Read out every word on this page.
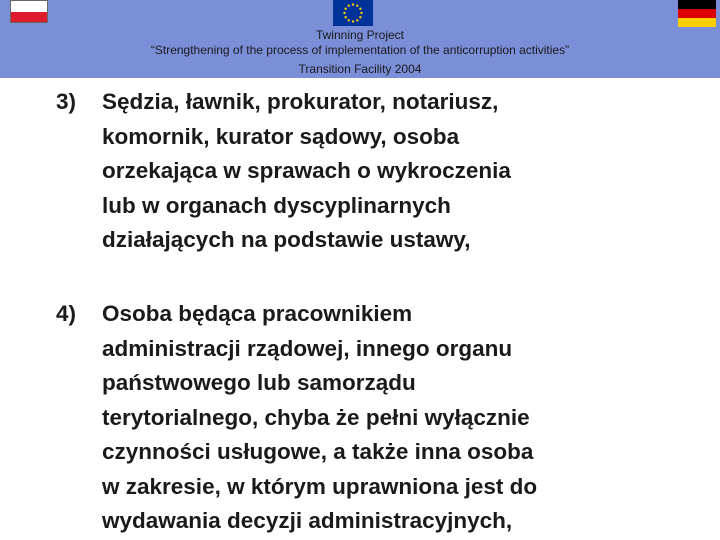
Twinning Project
“Strengthening of the process of implementation of the anticorruption activities”
Transition Facility 2004
3) Sędzia, ławnik, prokurator, notariusz,
komornik, kurator sądowy, osoba
orzekająca w sprawach o wykroczenia
lub w organach dyscyplinarnych
działających na podstawie ustawy,
4) Osoba będąca pracownikiem
administracji rządowej, innego organu
państwowego lub samorządu
terytorialnego, chyba że pełni wyłącznie
czynności usługowe, a także inna osoba
w zakresie, w którym uprawniona jest do
wydawania decyzji administracyjnych,
